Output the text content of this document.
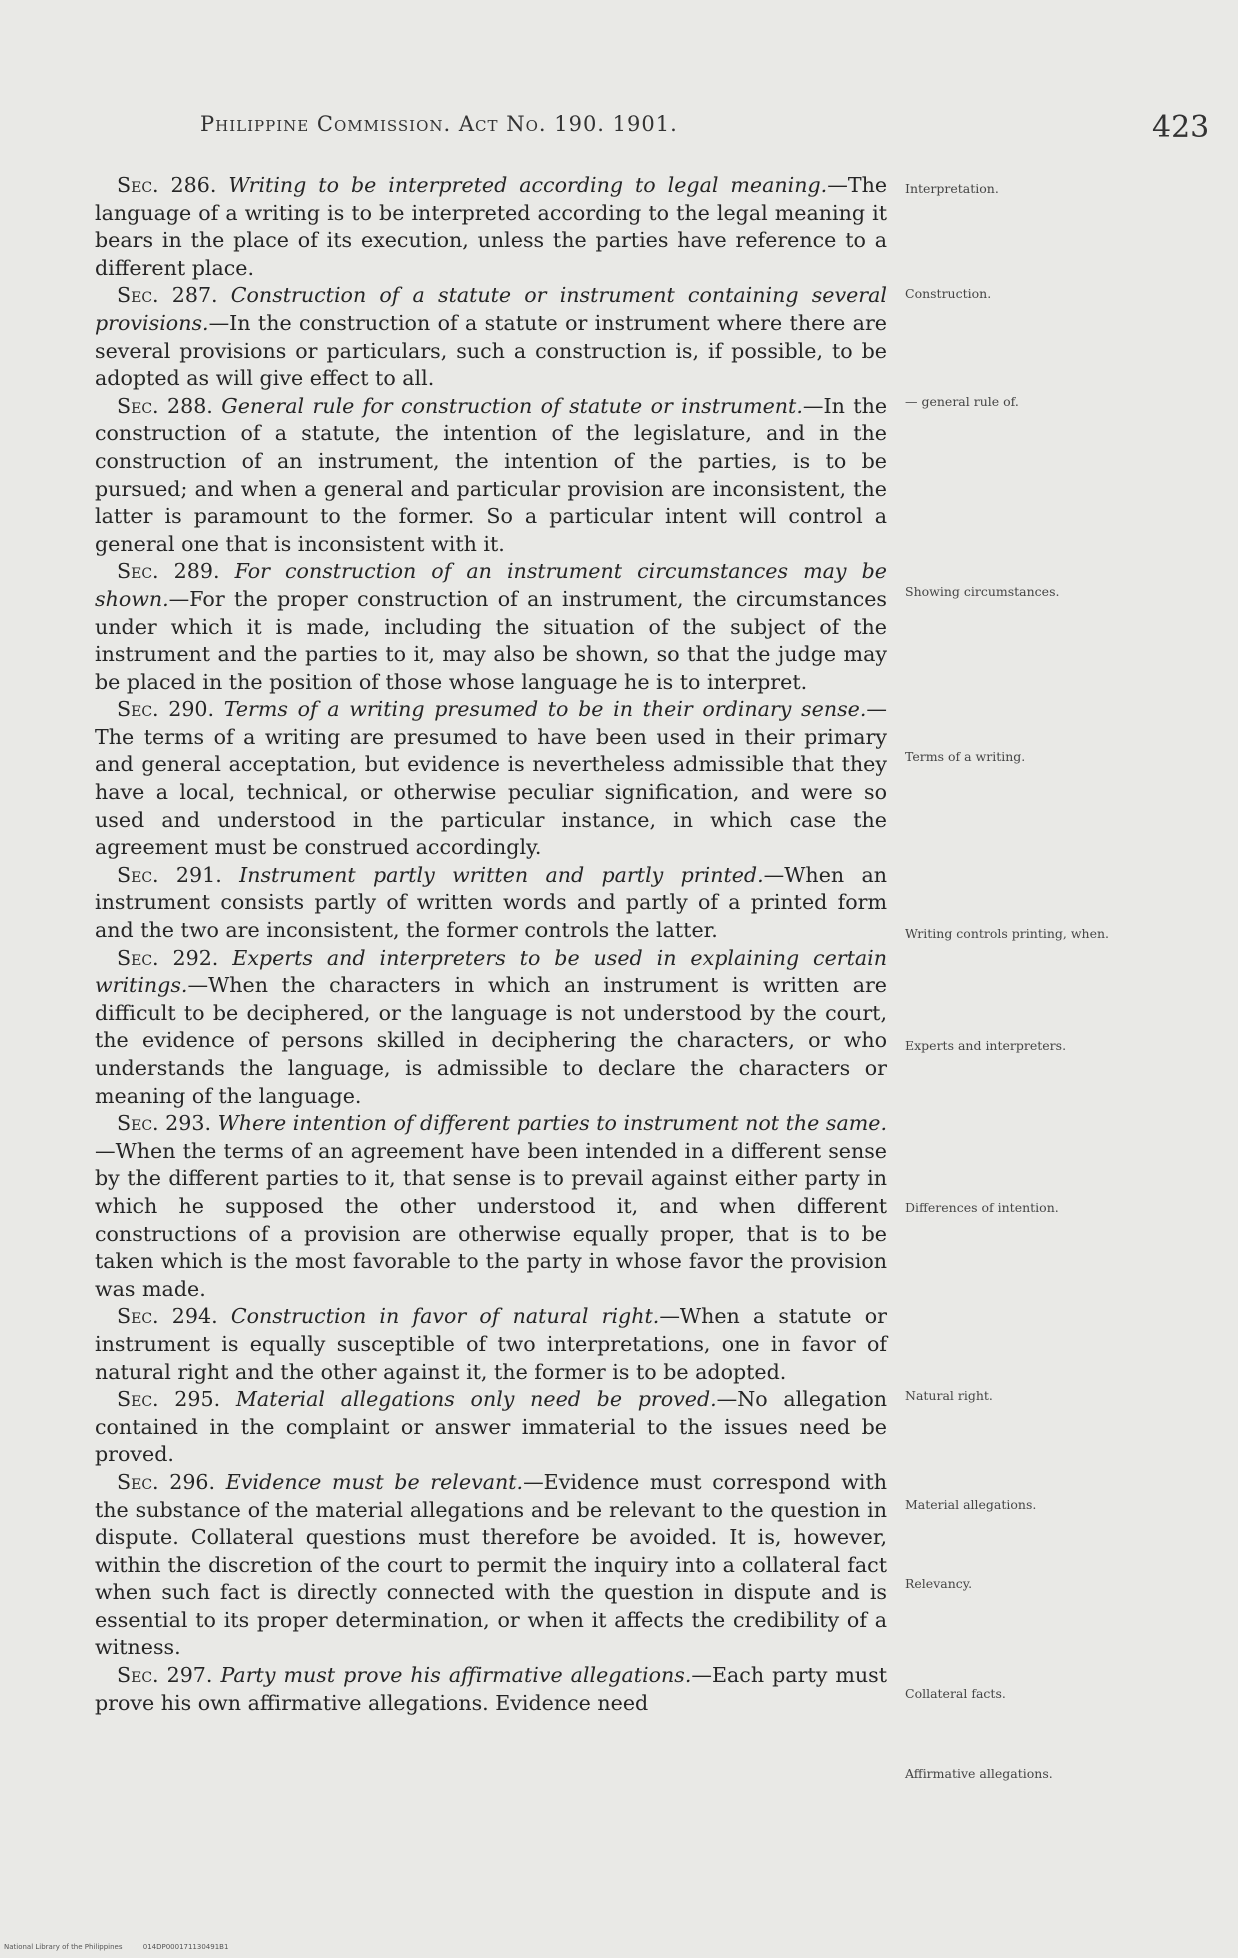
Philippine Commission. Act No. 190. 1901.	423

Sec. 286. Writing to be interpreted according to legal meaning.—The language of a writing is to be interpreted according to the legal meaning it bears in the place of its execution, unless the parties have reference to a different place.

Sec. 287. Construction of a statute or instrument containing several provisions.—In the construction of a statute or instrument where there are several provisions or particulars, such a construction is, if possible, to be adopted as will give effect to all.

Sec. 288. General rule for construction of statute or instrument.—In the construction of a statute, the intention of the legislature, and in the construction of an instrument, the intention of the parties, is to be pursued; and when a general and particular provision are inconsistent, the latter is paramount to the former. So a particular intent will control a general one that is inconsistent with it.

Sec. 289. For construction of an instrument circumstances may be shown.—For the proper construction of an instrument, the circumstances under which it is made, including the situation of the subject of the instrument and the parties to it, may also be shown, so that the judge may be placed in the position of those whose language he is to interpret.

Sec. 290. Terms of a writing presumed to be in their ordinary sense.—The terms of a writing are presumed to have been used in their primary and general acceptation, but evidence is nevertheless admissible that they have a local, technical, or otherwise peculiar signification, and were so used and understood in the particular instance, in which case the agreement must be construed accordingly.

Sec. 291. Instrument partly written and partly printed.—When an instrument consists partly of written words and partly of a printed form and the two are inconsistent, the former controls the latter.

Sec. 292. Experts and interpreters to be used in explaining certain writings.—When the characters in which an instrument is written are difficult to be deciphered, or the language is not understood by the court, the evidence of persons skilled in deciphering the characters, or who understands the language, is admissible to declare the characters or meaning of the language.

Sec. 293. Where intention of different parties to instrument not the same.—When the terms of an agreement have been intended in a different sense by the different parties to it, that sense is to prevail against either party in which he supposed the other understood it, and when different constructions of a provision are otherwise equally proper, that is to be taken which is the most favorable to the party in whose favor the provision was made.

Sec. 294. Construction in favor of natural right.—When a statute or instrument is equally susceptible of two interpretations, one in favor of natural right and the other against it, the former is to be adopted.

Sec. 295. Material allegations only need be proved.—No allegation contained in the complaint or answer immaterial to the issues need be proved.

Sec. 296. Evidence must be relevant.—Evidence must correspond with the substance of the material allegations and be relevant to the question in dispute. Collateral questions must therefore be avoided. It is, however, within the discretion of the court to permit the inquiry into a collateral fact when such fact is directly connected with the question in dispute and is essential to its proper determination, or when it affects the credibility of a witness.

Sec. 297. Party must prove his affirmative allegations.—Each party must prove his own affirmative allegations. Evidence need

Interpretation.
Construction.
— general rule of.
Showing circumstances.
Terms of a writing.
Writing controls printing, when.
Experts and interpreters.
Differences of intention.
Natural right.
Material allegations.
Relevancy.
Collateral facts.
Affirmative allegations.
National Library of the Philippines	014DP000171130491B1
